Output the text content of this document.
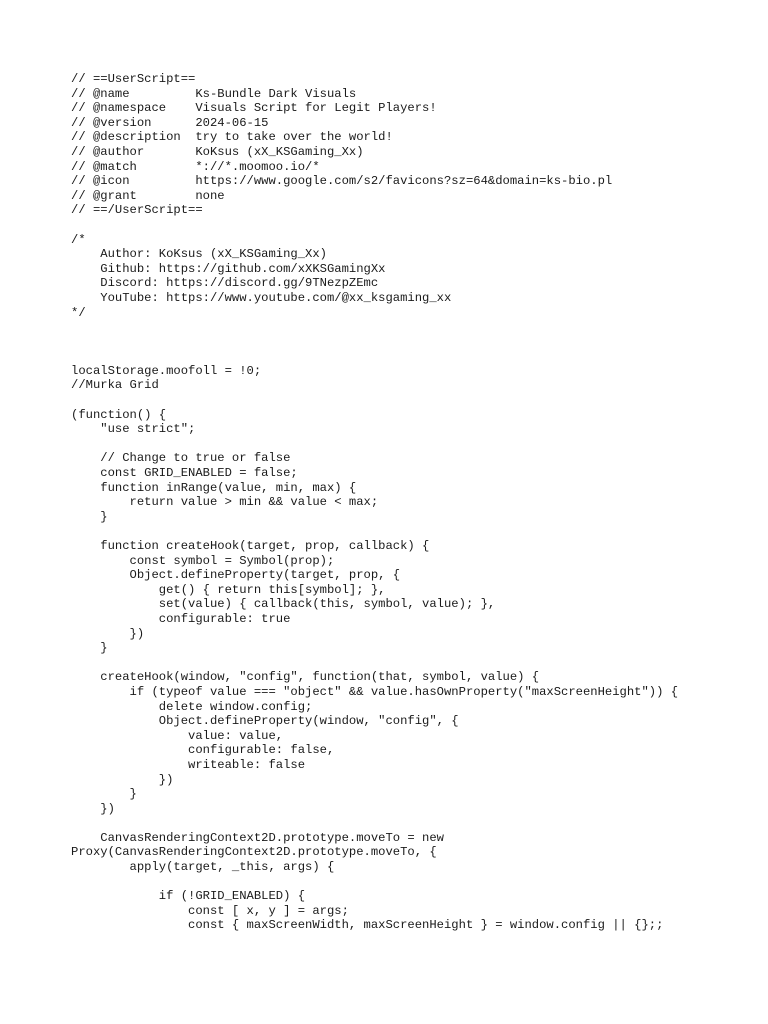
// ==UserScript==
// @name         Ks-Bundle Dark Visuals
// @namespace    Visuals Script for Legit Players!
// @version      2024-06-15
// @description  try to take over the world!
// @author       KoKsus (xX_KSGaming_Xx)
// @match        *://*.moomoo.io/*
// @icon         https://www.google.com/s2/favicons?sz=64&domain=ks-bio.pl
// @grant        none
// ==/UserScript==
/*
Author: KoKsus (xX_KSGaming_Xx)
Github: https://github.com/xXKSGamingXx
Discord: https://discord.gg/9TNezpZEmc
YouTube: https://www.youtube.com/@xx_ksgaming_xx
*/
localStorage.moofoll = !0;
//Murka Grid
(function() {
"use strict";
// Change to true or false
const GRID_ENABLED = false;
function inRange(value, min, max) {
return value > min && value < max;
}
function createHook(target, prop, callback) {
const symbol = Symbol(prop);
Object.defineProperty(target, prop, {
get() { return this[symbol]; },
set(value) { callback(this, symbol, value); },
configurable: true
})
}
createHook(window, "config", function(that, symbol, value) {
if (typeof value === "object" && value.hasOwnProperty("maxScreenHeight")) {
delete window.config;
Object.defineProperty(window, "config", {
value: value,
configurable: false,
writeable: false
})
}
})
CanvasRenderingContext2D.prototype.moveTo = new
Proxy(CanvasRenderingContext2D.prototype.moveTo, {
apply(target, _this, args) {
if (!GRID_ENABLED) {
const [ x, y ] = args;
const { maxScreenWidth, maxScreenHeight } = window.config || {};;
